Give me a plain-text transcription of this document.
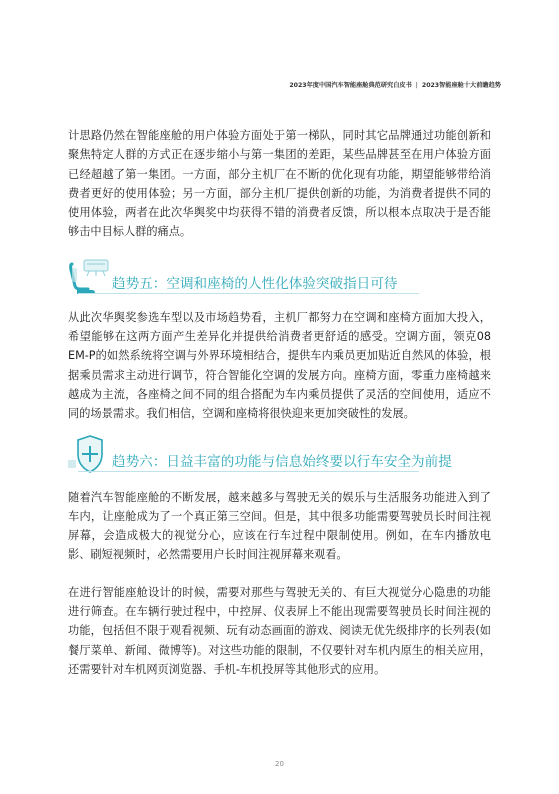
2023年度中国汽车智能座舱典范研究白皮书 | 2023智能座舱十大前瞻趋势

计思路仍然在智能座舱的用户体验方面处于第一梯队，同时其它品牌通过功能创新和聚焦特定人群的方式正在逐步缩小与第一集团的差距，某些品牌甚至在用户体验方面已经超越了第一集团。一方面，部分主机厂在不断的优化现有功能，期望能够带给消费者更好的使用体验；另一方面，部分主机厂提供创新的功能，为消费者提供不同的使用体验，两者在此次华舆奖中均获得不错的消费者反馈，所以根本点取决于是否能够击中目标人群的痛点。

趋势五：空调和座椅的人性化体验突破指日可待

从此次华舆奖参选车型以及市场趋势看，主机厂都努力在空调和座椅方面加大投入，希望能够在这两方面产生差异化并提供给消费者更舒适的感受。空调方面，领克08 EM-P的如然系统将空调与外界环境相结合，提供车内乘员更加贴近自然风的体验，根据乘员需求主动进行调节，符合智能化空调的发展方向。座椅方面，零重力座椅越来越成为主流，各座椅之间不同的组合搭配为车内乘员提供了灵活的空间使用，适应不同的场景需求。我们相信，空调和座椅将很快迎来更加突破性的发展。

趋势六：日益丰富的功能与信息始终要以行车安全为前提

随着汽车智能座舱的不断发展，越来越多与驾驶无关的娱乐与生活服务功能进入到了车内，让座舱成为了一个真正第三空间。但是，其中很多功能需要驾驶员长时间注视屏幕，会造成极大的视觉分心，应该在行车过程中限制使用。例如，在车内播放电影、刷短视频时，必然需要用户长时间注视屏幕来观看。

在进行智能座舱设计的时候，需要对那些与驾驶无关的、有巨大视觉分心隐患的功能进行筛查。在车辆行驶过程中，中控屏、仪表屏上不能出现需要驾驶员长时间注视的功能，包括但不限于观看视频、玩有动态画面的游戏、阅读无优先级排序的长列表(如餐厅菜单、新闻、微博等)。对这些功能的限制，不仅要针对车机内原生的相关应用，还需要针对车机网页浏览器、手机-车机投屏等其他形式的应用。

20
